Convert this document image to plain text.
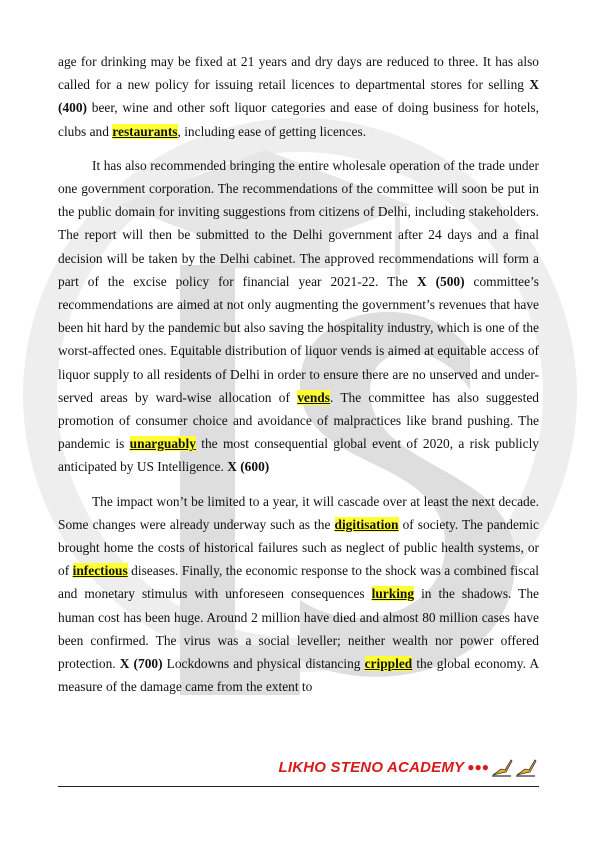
age for drinking may be fixed at 21 years and dry days are reduced to three. It has also called for a new policy for issuing retail licences to departmental stores for selling X (400) beer, wine and other soft liquor categories and ease of doing business for hotels, clubs and restaurants, including ease of getting licences.

It has also recommended bringing the entire wholesale operation of the trade under one government corporation. The recommendations of the committee will soon be put in the public domain for inviting suggestions from citizens of Delhi, including stakeholders. The report will then be submitted to the Delhi government after 24 days and a final decision will be taken by the Delhi cabinet. The approved recommendations will form a part of the excise policy for financial year 2021-22. The X (500) committee’s recommendations are aimed at not only augmenting the government’s revenues that have been hit hard by the pandemic but also saving the hospitality industry, which is one of the worst-affected ones. Equitable distribution of liquor vends is aimed at equitable access of liquor supply to all residents of Delhi in order to ensure there are no unserved and under-served areas by ward-wise allocation of vends. The committee has also suggested promotion of consumer choice and avoidance of malpractices like brand pushing. The pandemic is unarguably the most consequential global event of 2020, a risk publicly anticipated by US Intelligence. X (600)

The impact won’t be limited to a year, it will cascade over at least the next decade. Some changes were already underway such as the digitisation of society. The pandemic brought home the costs of historical failures such as neglect of public health systems, or of infectious diseases. Finally, the economic response to the shock was a combined fiscal and monetary stimulus with unforeseen consequences lurking in the shadows. The human cost has been huge. Around 2 million have died and almost 80 million cases have been confirmed. The virus was a social leveller; neither wealth nor power offered protection. X (700) Lockdowns and physical distancing crippled the global economy. A measure of the damage came from the extent to

LIKHO STENO ACADEMY ●●●
